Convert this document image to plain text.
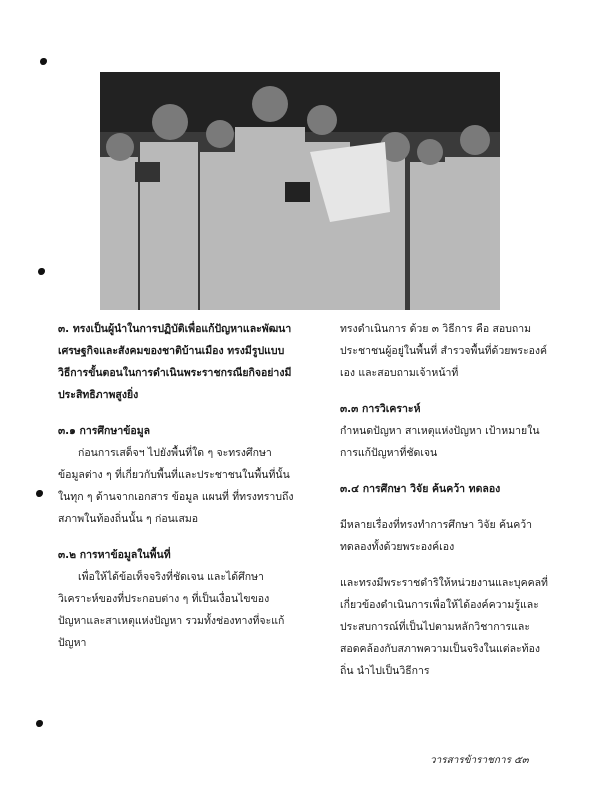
๓. ทรงเป็นผู้นำในการปฏิบัติเพื่อแก้ปัญหาและพัฒนาเศรษฐกิจและสังคมของชาติบ้านเมือง ทรงมีรูปแบบ วิธีการขั้นตอนในการดำเนินพระราชกรณียกิจอย่างมีประสิทธิภาพสูงยิ่ง
๓.๑ การศึกษาข้อมูล
ก่อนการเสด็จฯ ไปยังพื้นที่ใด ๆ จะทรงศึกษาข้อมูลต่าง ๆ ที่เกี่ยวกับพื้นที่และประชาชนในพื้นที่นั้นในทุก ๆ ด้านจากเอกสาร ข้อมูล แผนที่ ที่ทรงทราบถึงสภาพในท้องถิ่นนั้น ๆ ก่อนเสมอ
๓.๒ การหาข้อมูลในพื้นที่
เพื่อให้ได้ข้อเท็จจริงที่ชัดเจน และได้ศึกษา วิเคราะห์ของที่ประกอบต่าง ๆ ที่เป็นเงื่อนไขของปัญหาและสาเหตุแห่งปัญหา รวมทั้งช่องทางที่จะแก้ปัญหา
ทรงดำเนินการ ด้วย ๓ วิธีการ คือ สอบถามประชาชนผู้อยู่ในพื้นที่ สำรวจพื้นที่ด้วยพระองค์เอง และสอบถามเจ้าหน้าที่
๓.๓ การวิเคราะห์
กำหนดปัญหา สาเหตุแห่งปัญหา เป้าหมายในการแก้ปัญหาที่ชัดเจน
๓.๔ การศึกษา วิจัย ค้นคว้า ทดลอง
มีหลายเรื่องที่ทรงทำการศึกษา วิจัย ค้นคว้า ทดลองทั้งด้วยพระองค์เอง
และทรงมีพระราชดำริให้หน่วยงานและบุคคลที่เกี่ยวข้องดำเนินการเพื่อให้ได้องค์ความรู้และประสบการณ์ที่เป็นไปตามหลักวิชาการและสอดคล้องกับสภาพความเป็นจริงในแต่ละท้องถิ่น นำไปเป็นวิธีการ
วารสารข้าราชการ ๕๓
